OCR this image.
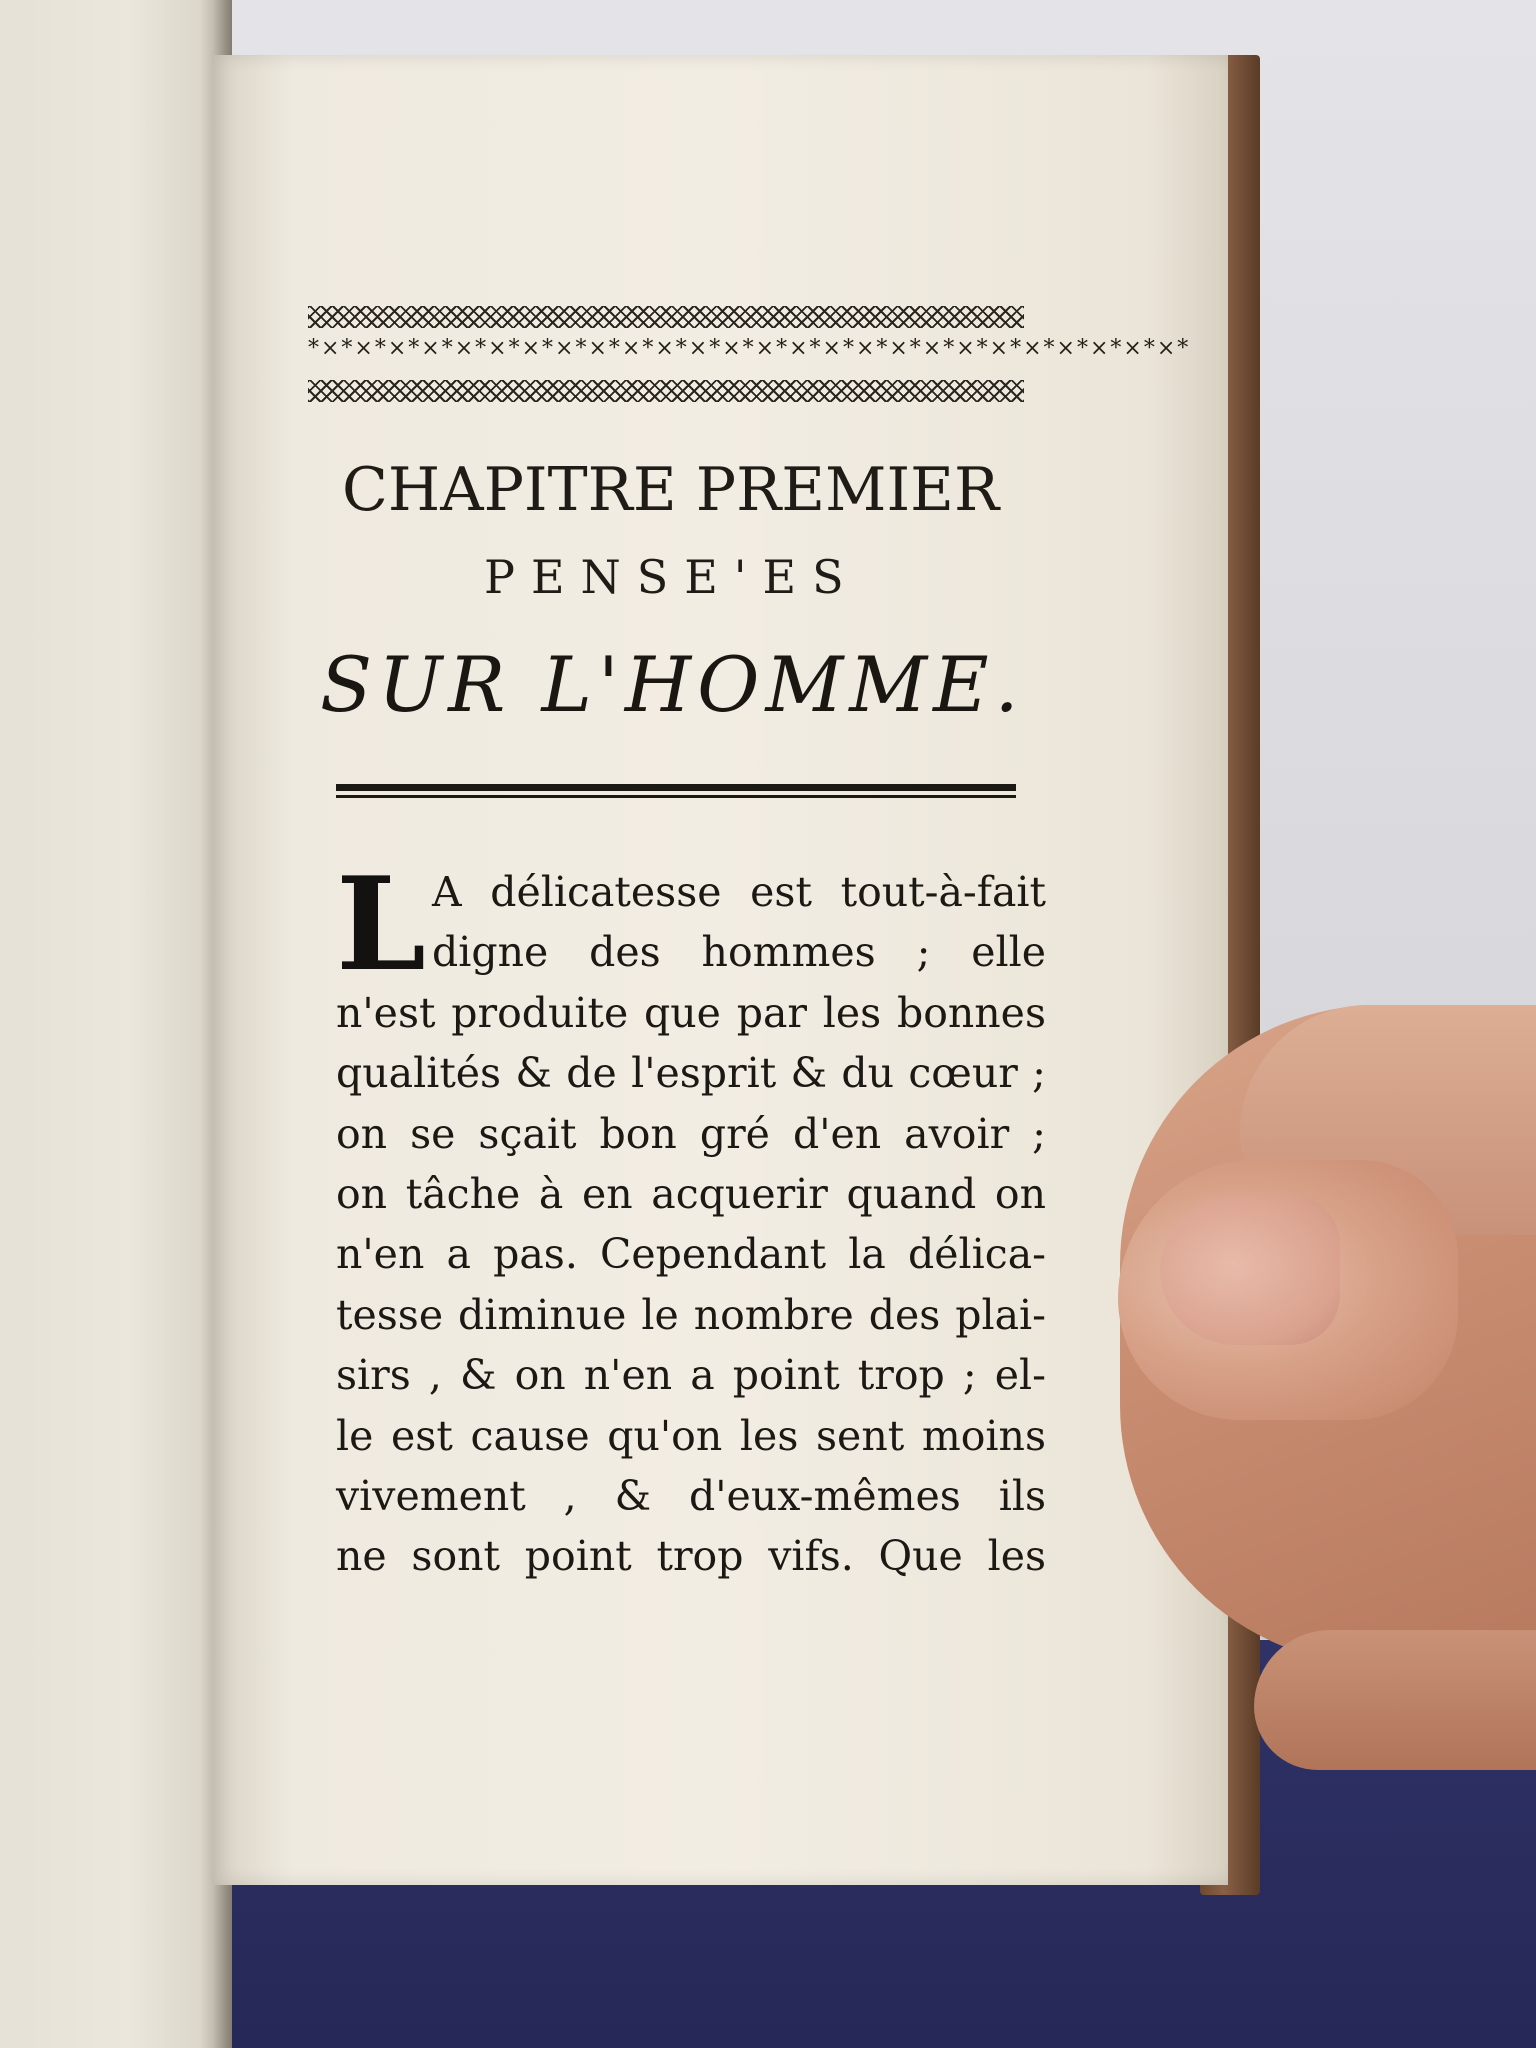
*×*×*×*×*×*×*×*×*×*×*×*×*×*×*×*×*×*×*×*×*×*×*×*×*×*×*
CHAPITRE PREMIER
PENSE'ES
SUR L'HOMME.
L A délicatesse est tout-à-fait
digne des hommes ; elle
n'est produite que par les bonnes
qualités & de l'esprit & du cœur ;
on se sçait bon gré d'en avoir ;
on tâche à en acquerir quand on
n'en a pas. Cependant la délica-
tesse diminue le nombre des plai-
sirs , & on n'en a point trop ; el-
le est cause qu'on les sent moins
vivement , & d'eux-mêmes ils
ne sont point trop vifs. Que les
